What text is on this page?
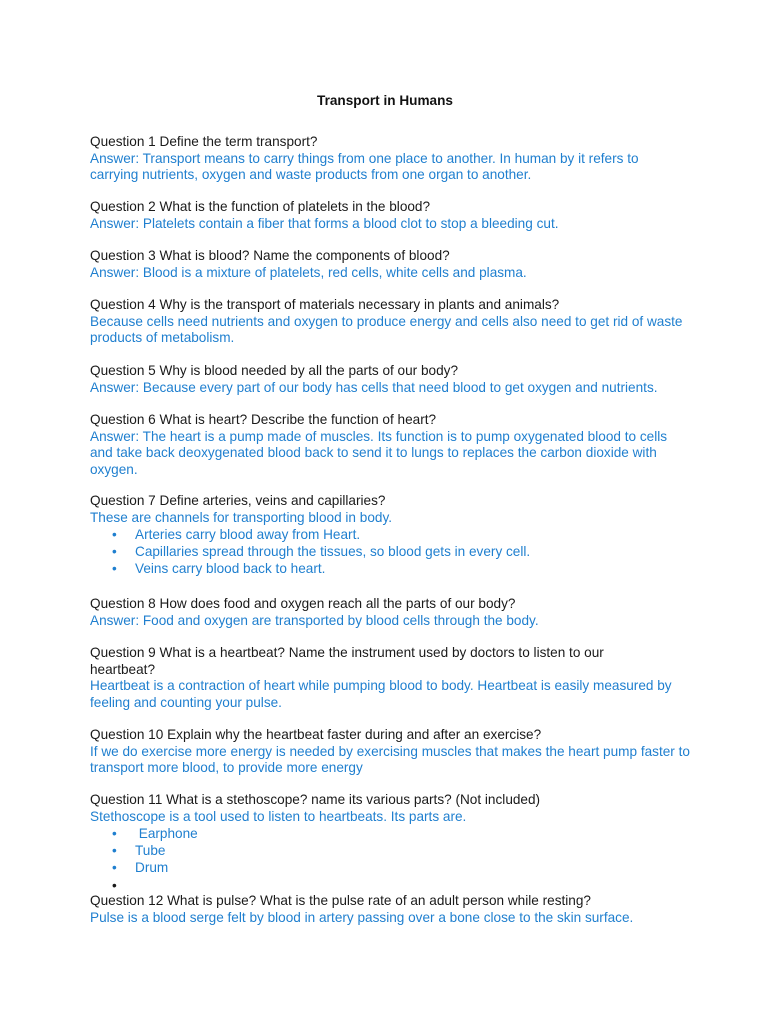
Transport in Humans
Question 1 Define the term transport?
Answer: Transport means to carry things from one place to another. In human by it refers to carrying nutrients, oxygen and waste products from one organ to another.
Question 2 What is the function of platelets in the blood?
Answer: Platelets contain a fiber that forms a blood clot to stop a bleeding cut.
Question 3 What is blood? Name the components of blood?
Answer: Blood is a mixture of platelets, red cells, white cells and plasma.
Question 4 Why is the transport of materials necessary in plants and animals?
Because cells need nutrients and oxygen to produce energy and cells also need to get rid of waste products of metabolism.
Question 5 Why is blood needed by all the parts of our body?
Answer: Because every part of our body has cells that need blood to get oxygen and nutrients.
Question 6 What is heart? Describe the function of heart?
Answer: The heart is a pump made of muscles. Its function is to pump oxygenated blood to cells and take back deoxygenated blood back to send it to lungs to replaces the carbon dioxide with oxygen.
Question 7 Define arteries, veins and capillaries?
These are channels for transporting blood in body.
• Arteries carry blood away from Heart.
• Capillaries spread through the tissues, so blood gets in every cell.
• Veins carry blood back to heart.
Question 8 How does food and oxygen reach all the parts of our body?
Answer: Food and oxygen are transported by blood cells through the body.
Question 9 What is a heartbeat? Name the instrument used by doctors to listen to our heartbeat?
Heartbeat is a contraction of heart while pumping blood to body. Heartbeat is easily measured by feeling and counting your pulse.
Question 10 Explain why the heartbeat faster during and after an exercise?
If we do exercise more energy is needed by exercising muscles that makes the heart pump faster to transport more blood, to provide more energy
Question 11 What is a stethoscope? name its various parts? (Not included)
Stethoscope is a tool used to listen to heartbeats. Its parts are.
• Earphone
• Tube
• Drum
•
Question 12 What is pulse? What is the pulse rate of an adult person while resting?
Pulse is a blood serge felt by blood in artery passing over a bone close to the skin surface.
